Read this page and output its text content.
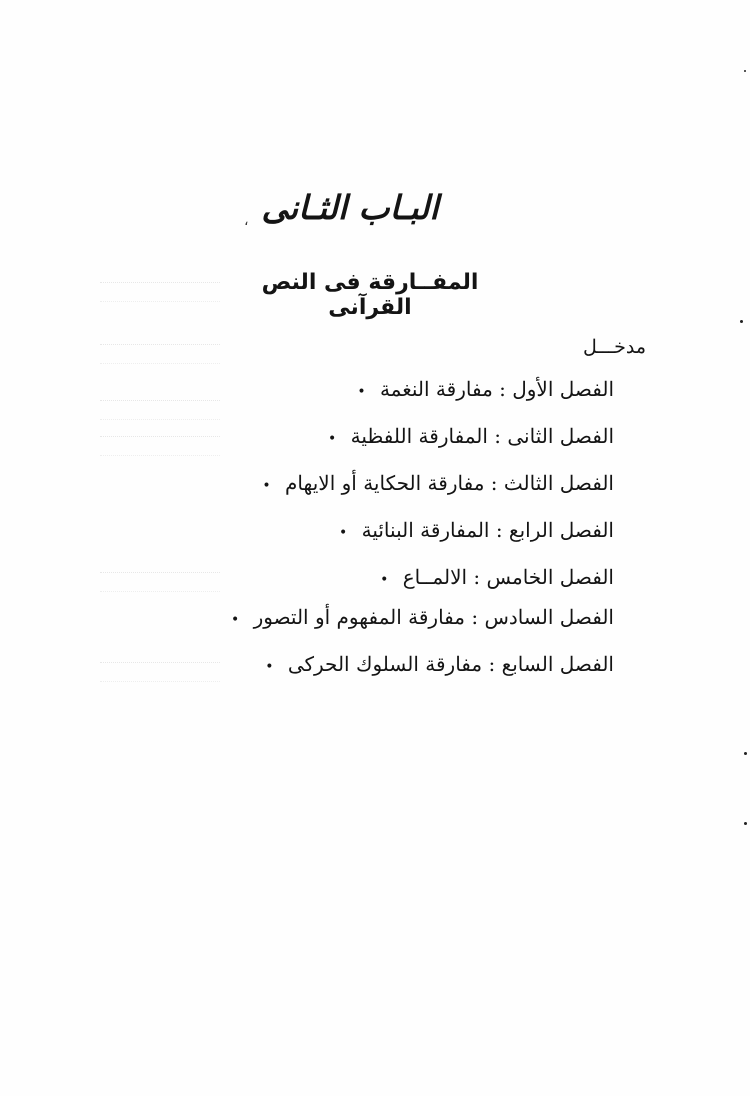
البـاب الثـانى
،
المفــارقة فى النص القرآنى
مدخـــل
الفصل الأول : مفارقة النغمة •
الفصل الثانى : المفارقة اللفظية •
الفصل الثالث : مفارقة الحكاية أو الايهام •
الفصل الرابع : المفارقة البنائية •
الفصل الخامس : الالمــاع •
الفصل السادس : مفارقة المفهوم أو التصور •
الفصل السابع : مفارقة السلوك الحركى •
